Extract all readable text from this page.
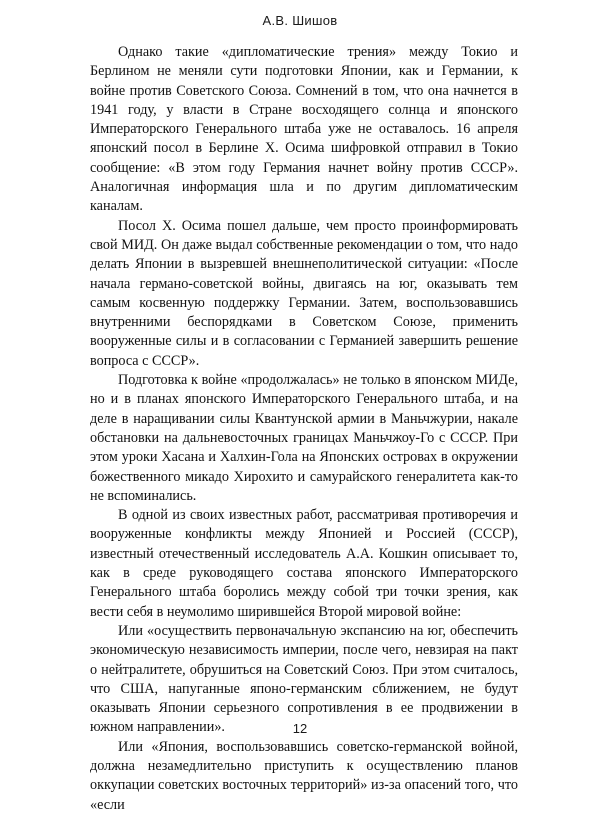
А.В. Шишов

Однако такие «дипломатические трения» между Токио и Берлином не меняли сути подготовки Японии, как и Германии, к войне против Советского Союза. Сомнений в том, что она начнется в 1941 году, у власти в Стране восходящего солнца и японского Императорского Генерального штаба уже не оставалось. 16 апреля японский посол в Берлине Х. Осима шифровкой отправил в Токио сообщение: «В этом году Германия начнет войну против СССР». Аналогичная информация шла и по другим дипломатическим каналам.

Посол Х. Осима пошел дальше, чем просто проинформировать свой МИД. Он даже выдал собственные рекомендации о том, что надо делать Японии в вызревшей внешнеполитической ситуации: «После начала германо-советской войны, двигаясь на юг, оказывать тем самым косвенную поддержку Германии. Затем, воспользовавшись внутренними беспорядками в Советском Союзе, применить вооруженные силы и в согласовании с Германией завершить решение вопроса с СССР».

Подготовка к войне «продолжалась» не только в японском МИДе, но и в планах японского Императорского Генерального штаба, и на деле в наращивании силы Квантунской армии в Маньчжурии, накале обстановки на дальневосточных границах Маньчжоу-Го с СССР. При этом уроки Хасана и Халхин-Гола на Японских островах в окружении божественного микадо Хирохито и самурайского генералитета как-то не вспоминались.

В одной из своих известных работ, рассматривая противоречия и вооруженные конфликты между Японией и Россией (СССР), известный отечественный исследователь А.А. Кошкин описывает то, как в среде руководящего состава японского Императорского Генерального штаба боролись между собой три точки зрения, как вести себя в неумолимо ширившейся Второй мировой войне:

Или «осуществить первоначальную экспансию на юг, обеспечить экономическую независимость империи, после чего, невзирая на пакт о нейтралитете, обрушиться на Советский Союз. При этом считалось, что США, напуганные японо-германским сближением, не будут оказывать Японии серьезного сопротивления в ее продвижении в южном направлении».

Или «Япония, воспользовавшись советско-германской войной, должна незамедлительно приступить к осуществлению планов оккупации советских восточных территорий» из-за опасений того, что «если

12
